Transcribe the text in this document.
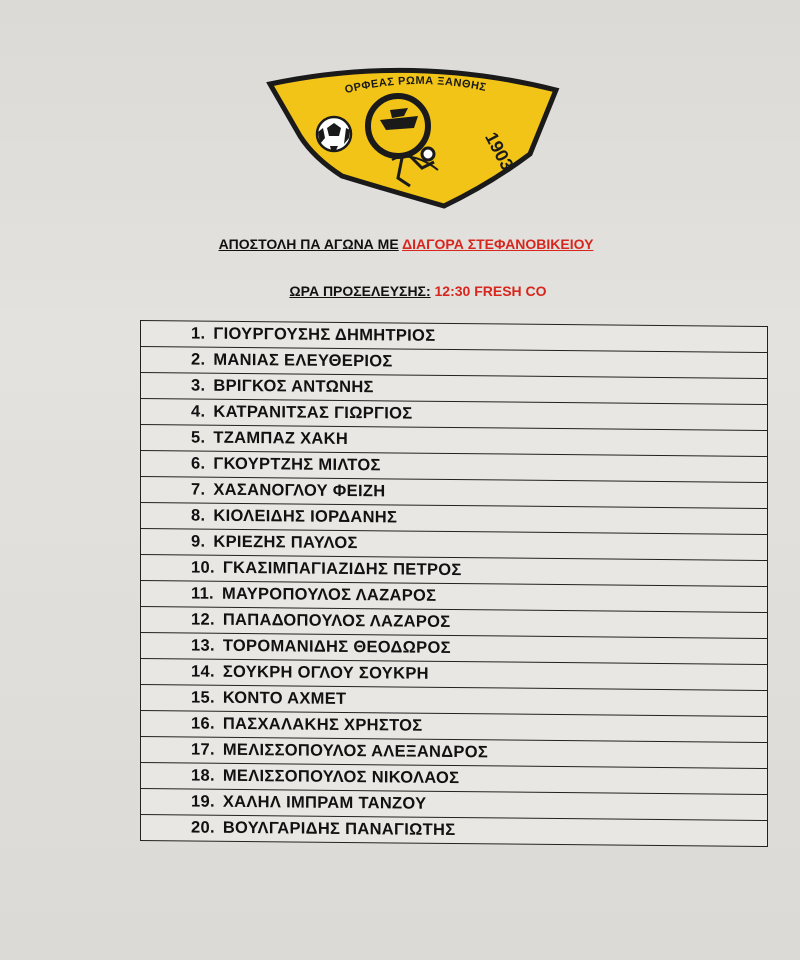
ΟΡΦΕΑΣ ΡΩΜΑ ΞΑΝΘΗΣ
1903
ΑΠΟΣΤΟΛΗ ΠΑ ΑΓΩΝΑ ΜΕ ΔΙΑΓΟΡΑ ΣΤΕΦΑΝΟΒΙΚΕΙΟΥ
ΩΡΑ ΠΡΟΣΕΛΕΥΣΗΣ: 12:30 FRESH CO
1. ΓΙΟΥΡΓΟΥΣΗΣ ΔΗΜΗΤΡΙΟΣ
2. ΜΑΝΙΑΣ ΕΛΕΥΘΕΡΙΟΣ
3. ΒΡΙΓΚΟΣ ΑΝΤΩΝΗΣ
4. ΚΑΤΡΑΝΙΤΣΑΣ ΓΙΩΡΓΙΟΣ
5. ΤΖΑΜΠΑΖ ΧΑΚΗ
6. ΓΚΟΥΡΤΖΗΣ ΜΙΛΤΟΣ
7. ΧΑΣΑΝΟΓΛΟΥ ΦΕΙΖΗ
8. ΚΙΟΛΕΙΔΗΣ ΙΟΡΔΑΝΗΣ
9. ΚΡΙΕΖΗΣ ΠΑΥΛΟΣ
10. ΓΚΑΣΙΜΠΑΓΙΑΖΙΔΗΣ ΠΕΤΡΟΣ
11. ΜΑΥΡΟΠΟΥΛΟΣ ΛΑΖΑΡΟΣ
12. ΠΑΠΑΔΟΠΟΥΛΟΣ ΛΑΖΑΡΟΣ
13. ΤΟΡΟΜΑΝΙΔΗΣ ΘΕΟΔΩΡΟΣ
14. ΣΟΥΚΡΗ ΟΓΛΟΥ ΣΟΥΚΡΗ
15. ΚΟΝΤΟ ΑΧΜΕΤ
16. ΠΑΣΧΑΛΑΚΗΣ ΧΡΗΣΤΟΣ
17. ΜΕΛΙΣΣΟΠΟΥΛΟΣ ΑΛΕΞΑΝΔΡΟΣ
18. ΜΕΛΙΣΣΟΠΟΥΛΟΣ ΝΙΚΟΛΑΟΣ
19. ΧΑΛΗΛ ΙΜΠΡΑΜ ΤΑΝΖΟΥ
20. ΒΟΥΛΓΑΡΙΔΗΣ ΠΑΝΑΓΙΩΤΗΣ
